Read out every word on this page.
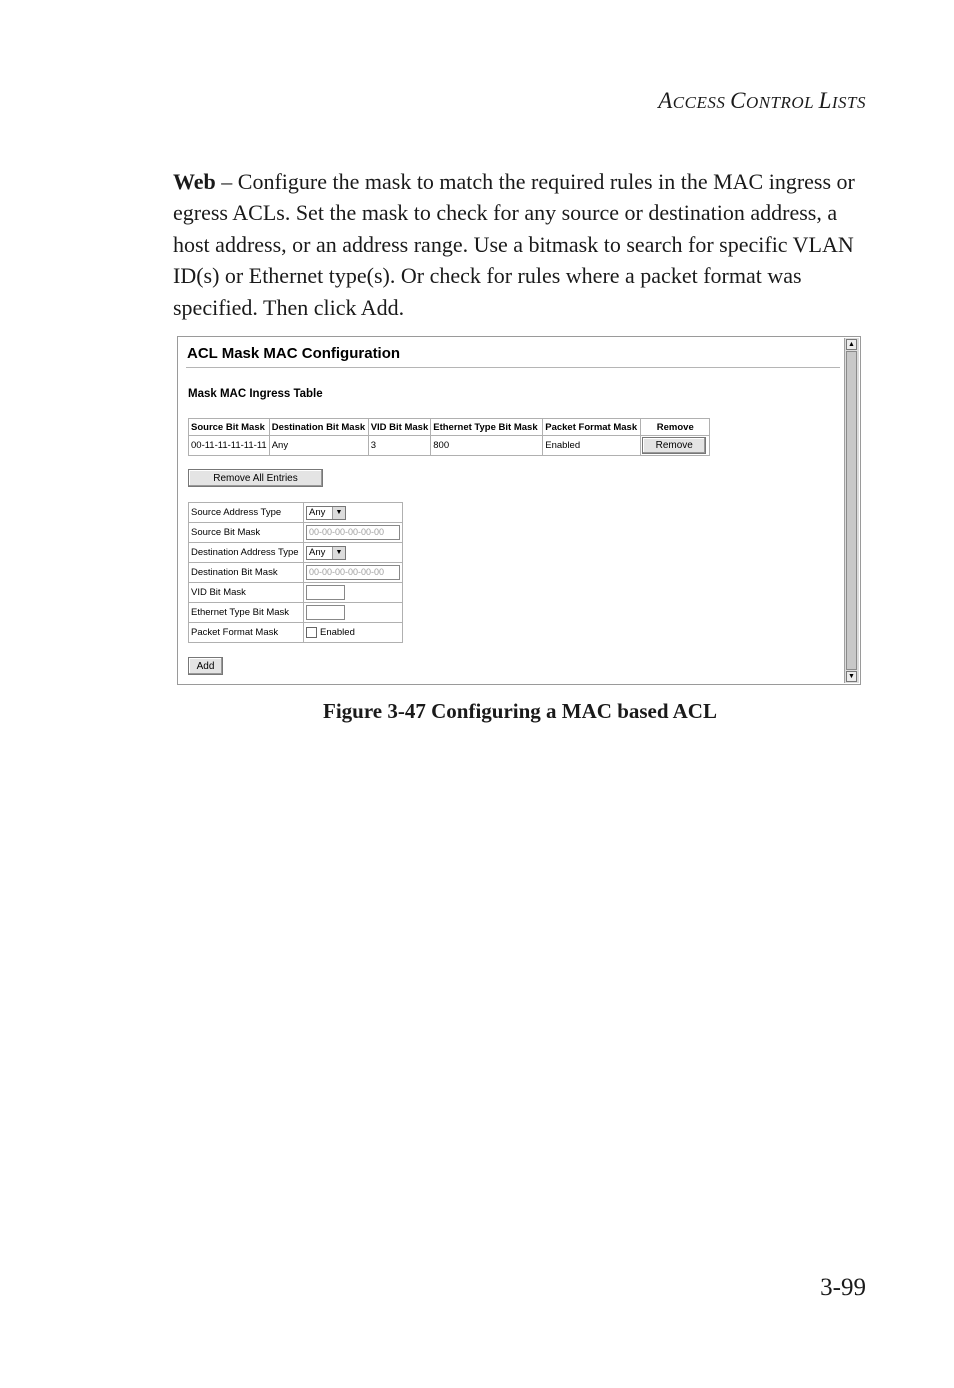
ACCESS CONTROL LISTS
Web – Configure the mask to match the required rules in the MAC ingress or egress ACLs. Set the mask to check for any source or destination address, a host address, or an address range. Use a bitmask to search for specific VLAN ID(s) or Ethernet type(s). Or check for rules where a packet format was specified. Then click Add.
ACL Mask MAC Configuration
Mask MAC Ingress Table
Source Bit Mask	Destination Bit Mask	VID Bit Mask	Ethernet Type Bit Mask	Packet Format Mask	Remove
00-11-11-11-11-11	Any	3	800	Enabled	Remove
Remove All Entries
Source Address Type	Any ▼

Source Bit Mask	00-00-00-00-00-00
Destination Address Type	Any ▼

Destination Bit Mask	00-00-00-00-00-00
VID Bit Mask	
Ethernet Type Bit Mask	
Packet Format Mask	Enabled
Add
▲
▼
Figure 3-47 Configuring a MAC based ACL
3-99
